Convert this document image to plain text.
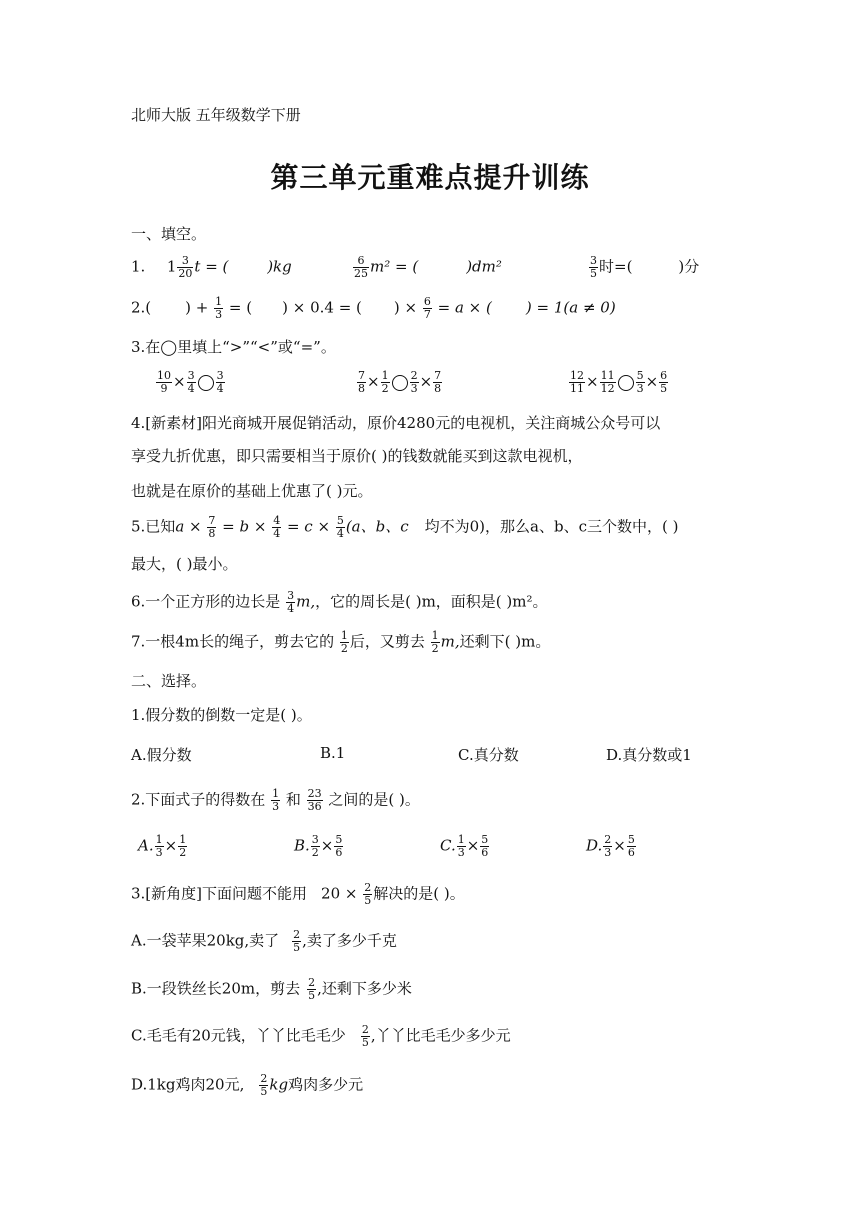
北师大版 五年级数学下册
第三单元重难点提升训练
一、填空。
1. $1 \frac{3}{20}$ t = (	)kg	$\frac{6}{25} m^2$ = (	)dm²	$\frac{3}{5}$ 时=(	)分
2.( ) + $\frac{1}{3}$ = ( ) × 0.4 = ( ) × $\frac{6}{7} = a$ × ( ) = 1(a ≠ 0)
3.在◯里填上“>”“<”或“=”。
$\frac{10}{9} \times \frac{3}{4} \frac{3}{4}$	$\frac{7}{8} \times \frac{1}{2} \frac{2}{3} \times \frac{7}{8}$	$\frac{12}{11} \times \frac{11}{12} \frac{5}{3} \times \frac{6}{5}$
4.[新素材]阳光商城开展促销活动，原价4280元的电视机，关注商城公众号可以
享受九折优惠，即只需要相当于原价( )的钱数就能买到这款电视机，
也就是在原价的基础上优惠了( )元。
5.已知$a \times \frac{7}{8} = b \times \frac{4}{4} = c \times \frac{5}{4} (a$、b、c 均不为0)，那么a、b、c三个数中，( )
最大，( )最小。
6.一个正方形的边长是 $\frac{3}{4} m$,，它的周长是( )m，面积是( )m²。
7.一根4m长的绳子，剪去它的 $\frac{1}{2}$ 后，又剪去 $\frac{1}{2} m$,还剩下( )m。
二、选择。
1.假分数的倒数一定是( )。
A.假分数	B.1	C.真分数	D.真分数或1
2.下面式子的得数在 $\frac{1}{3}$ 和 $\frac{23}{36}$ 之间的是( )。
A. $\frac{1}{3} \times \frac{1}{2}$	B. $\frac{3}{2} \times \frac{5}{6}$	C. $\frac{1}{3} \times \frac{5}{6}$	D. $\frac{2}{3} \times \frac{5}{6}$
3.[新角度]下面问题不能用 $20 \times \frac{2}{5}$ 解决的是( )。
A.一袋苹果20kg,卖了 $\frac{2}{5}$ ,卖了多少千克
B.一段铁丝长20m，剪去 $\frac{2}{5}$ ,还剩下多少米
C.毛毛有20元钱，丫丫比毛毛少 $\frac{2}{5}$ ,丫丫比毛毛少多少元
D.1kg鸡肉20元, $\frac{2}{5}$ kg鸡肉多少元
